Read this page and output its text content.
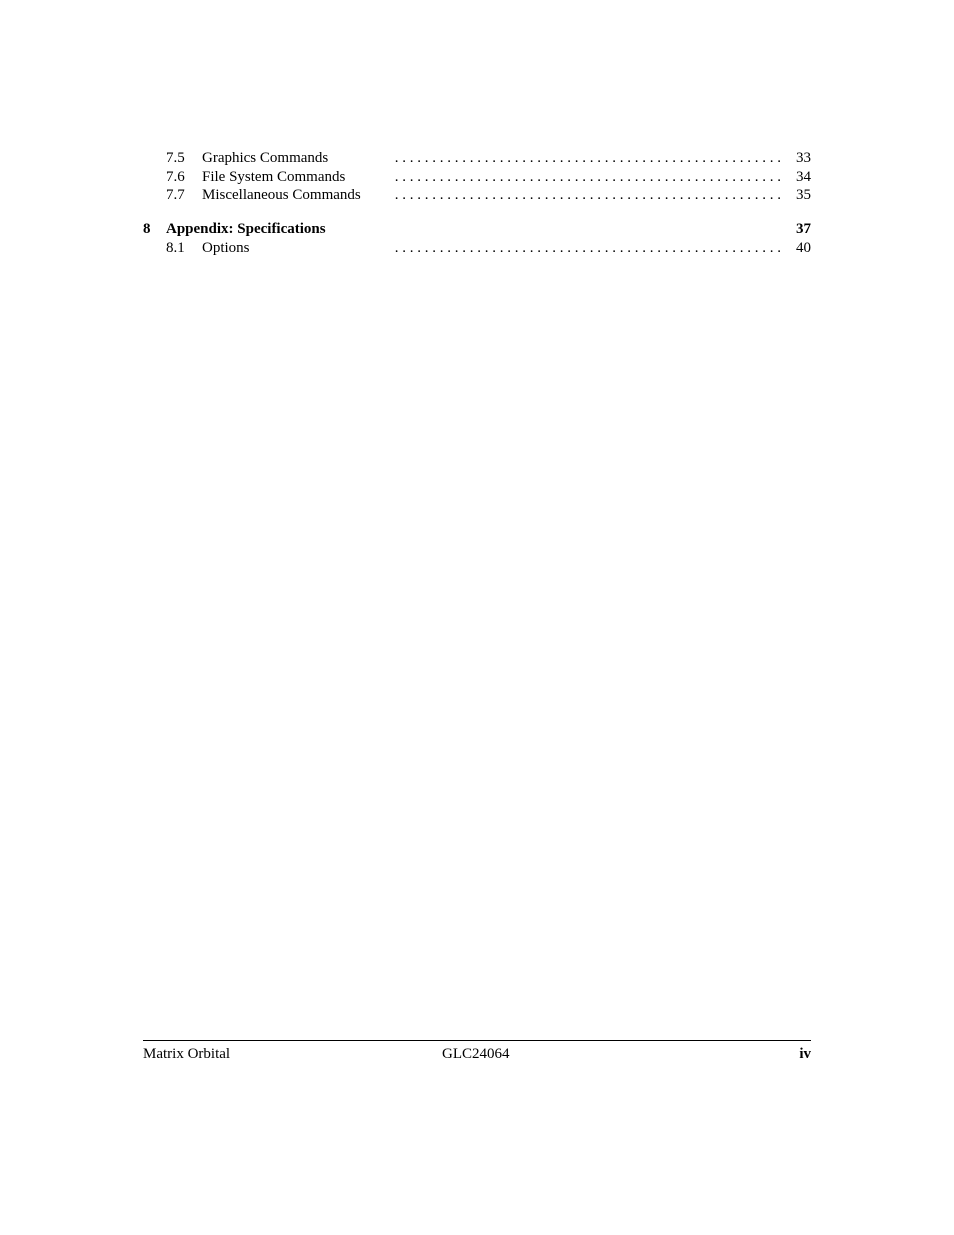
7.5 Graphics Commands	. . . . . . . . . . . . . . . . . . . . . . . . . . . . . . . . . . . . . . . . . . . . . . . . . . . . 33
7.6 File System Commands	. . . . . . . . . . . . . . . . . . . . . . . . . . . . . . . . . . . . . . . . . . . . . . . . . . . . 34
7.7 Miscellaneous Commands	. . . . . . . . . . . . . . . . . . . . . . . . . . . . . . . . . . . . . . . . . . . . . . . . . . . . 35
8 Appendix: Specifications	37
8.1 Options	. . . . . . . . . . . . . . . . . . . . . . . . . . . . . . . . . . . . . . . . . . . . . . . . . . . . 40
Matrix Orbital	GLC24064	iv
